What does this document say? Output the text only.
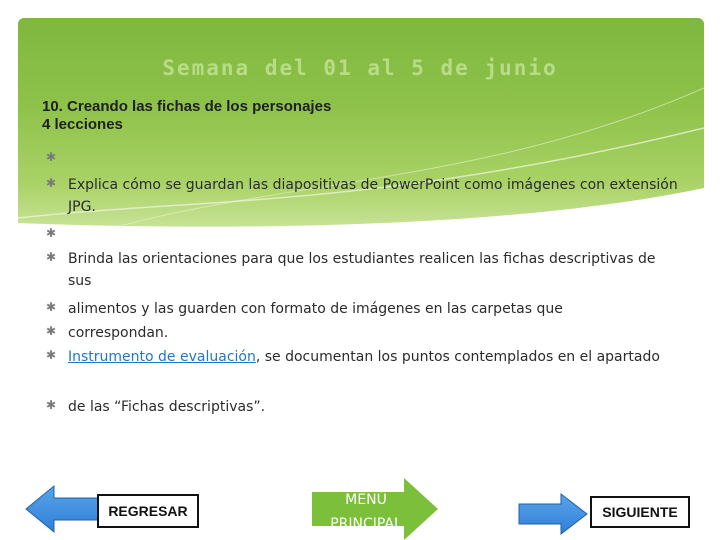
Semana del 01 al 5 de junio
10. Creando las fichas de los personajes
4 lecciones
✱
✱ Explica cómo se guardan las diapositivas de PowerPoint como imágenes con extensión JPG.
✱
✱ Brinda las orientaciones para que los estudiantes realicen las fichas descriptivas de sus
✱ alimentos y las guarden con formato de imágenes en las carpetas que
✱ correspondan.
✱ Instrumento de evaluación, se documentan los puntos contemplados en el apartado
✱ de las “Fichas descriptivas”.
REGRESAR
MENÚ PRINCIPAL
SIGUIENTE
